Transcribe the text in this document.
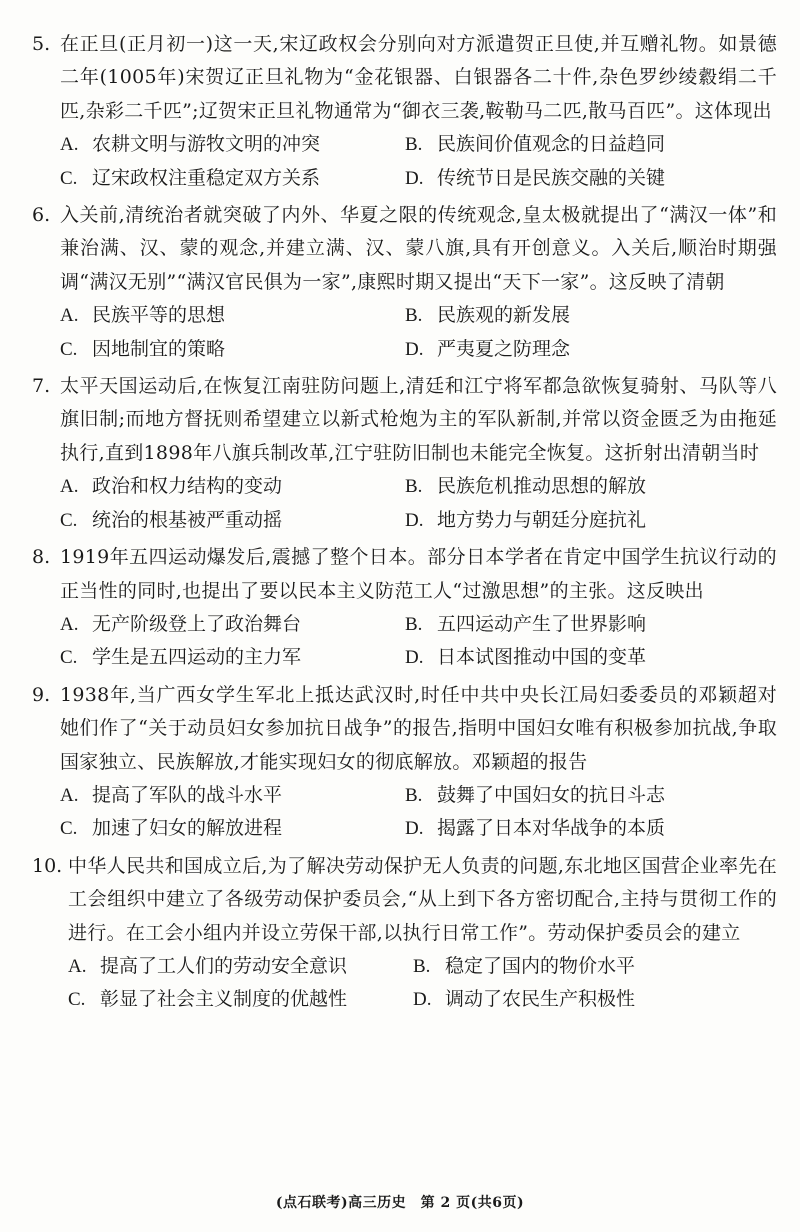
5. 在正旦(正月初一)这一天,宋辽政权会分别向对方派遣贺正旦使,并互赠礼物。如景德二年(1005年)宋贺辽正旦礼物为“金花银器、白银器各二十件,杂色罗纱绫縠绢二千匹,杂彩二千匹”;辽贺宋正旦礼物通常为“御衣三袭,鞍勒马二匹,散马百匹”。这体现出
A. 农耕文明与游牧文明的冲突	B. 民族间价值观念的日益趋同
C. 辽宋政权注重稳定双方关系	D. 传统节日是民族交融的关键
6. 入关前,清统治者就突破了内外、华夏之限的传统观念,皇太极就提出了“满汉一体”和兼治满、汉、蒙的观念,并建立满、汉、蒙八旗,具有开创意义。入关后,顺治时期强调“满汉无别”“满汉官民俱为一家”,康熙时期又提出“天下一家”。这反映了清朝
A. 民族平等的思想	B. 民族观的新发展
C. 因地制宜的策略	D. 严夷夏之防理念
7. 太平天国运动后,在恢复江南驻防问题上,清廷和江宁将军都急欲恢复骑射、马队等八旗旧制;而地方督抚则希望建立以新式枪炮为主的军队新制,并常以资金匮乏为由拖延执行,直到1898年八旗兵制改革,江宁驻防旧制也未能完全恢复。这折射出清朝当时
A. 政治和权力结构的变动	B. 民族危机推动思想的解放
C. 统治的根基被严重动摇	D. 地方势力与朝廷分庭抗礼
8. 1919年五四运动爆发后,震撼了整个日本。部分日本学者在肯定中国学生抗议行动的正当性的同时,也提出了要以民本主义防范工人“过激思想”的主张。这反映出
A. 无产阶级登上了政治舞台	B. 五四运动产生了世界影响
C. 学生是五四运动的主力军	D. 日本试图推动中国的变革
9. 1938年,当广西女学生军北上抵达武汉时,时任中共中央长江局妇委委员的邓颖超对她们作了“关于动员妇女参加抗日战争”的报告,指明中国妇女唯有积极参加抗战,争取国家独立、民族解放,才能实现妇女的彻底解放。邓颖超的报告
A. 提高了军队的战斗水平	B. 鼓舞了中国妇女的抗日斗志
C. 加速了妇女的解放进程	D. 揭露了日本对华战争的本质
10. 中华人民共和国成立后,为了解决劳动保护无人负责的问题,东北地区国营企业率先在工会组织中建立了各级劳动保护委员会,“从上到下各方密切配合,主持与贯彻工作的进行。在工会小组内并设立劳保干部,以执行日常工作”。劳动保护委员会的建立
A. 提高了工人们的劳动安全意识	B. 稳定了国内的物价水平
C. 彰显了社会主义制度的优越性	D. 调动了农民生产积极性
(点石联考)高三历史　第 2 页(共6页)
